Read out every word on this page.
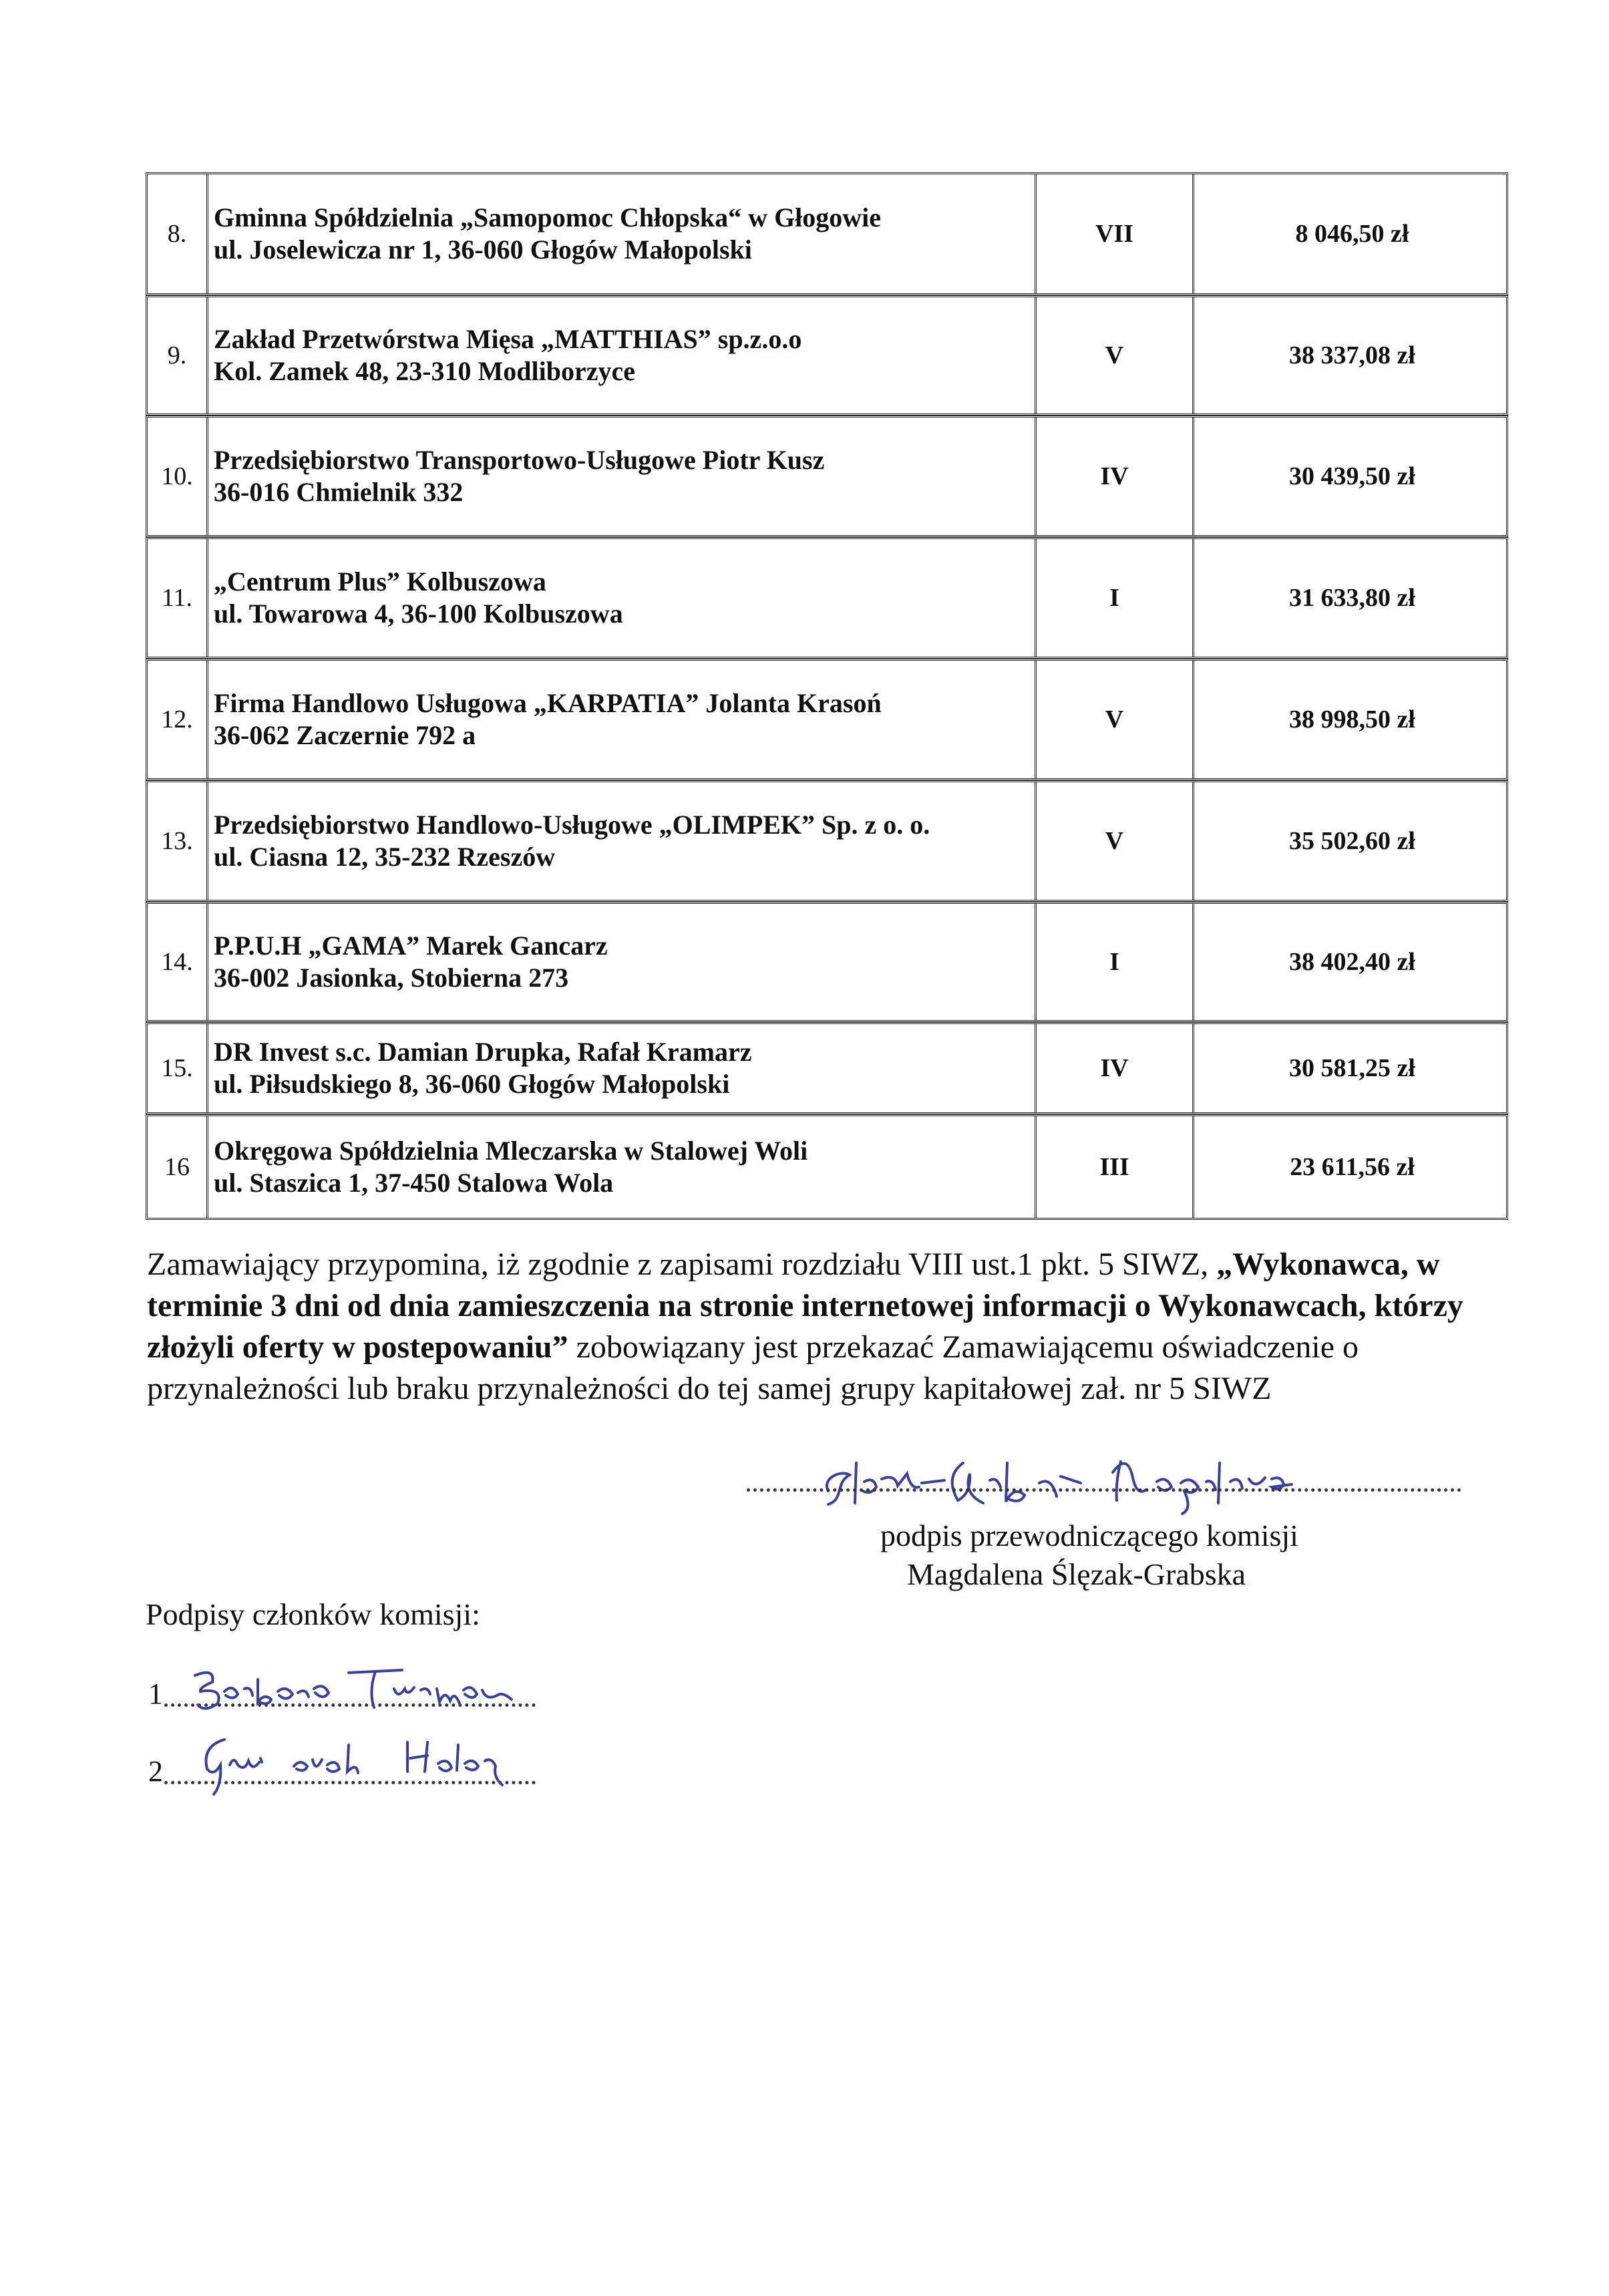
8.
Gminna Spółdzielnia „Samopomoc Chłopska“ w Głogowie
ul. Joselewicza nr 1, 36-060 Głogów Małopolski
VII	8 046,50 zł
9.
Zakład Przetwórstwa Mięsa „MATTHIAS” sp.z.o.o
Kol. Zamek 48, 23-310 Modliborzyce
V	38 337,08 zł
10.
Przedsiębiorstwo Transportowo-Usługowe Piotr Kusz
36-016 Chmielnik 332
IV	30 439,50 zł
11.
„Centrum Plus” Kolbuszowa
ul. Towarowa 4, 36-100 Kolbuszowa
I	31 633,80 zł
12.
Firma Handlowo Usługowa „KARPATIA” Jolanta Krasoń
36-062 Zaczernie 792 a
V	38 998,50 zł
13.
Przedsiębiorstwo Handlowo-Usługowe „OLIMPEK” Sp. z o. o.
ul. Ciasna 12, 35-232 Rzeszów
V	35 502,60 zł
14.
P.P.U.H „GAMA” Marek Gancarz
36-002 Jasionka, Stobierna 273
I	38 402,40 zł
15.
DR Invest s.c. Damian Drupka, Rafał Kramarz
ul. Piłsudskiego 8, 36-060 Głogów Małopolski
IV	30 581,25 zł
16
Okręgowa Spółdzielnia Mleczarska w Stalowej Woli
ul. Staszica 1, 37-450 Stalowa Wola
III	23 611,56 zł
Zamawiający przypomina, iż zgodnie z zapisami rozdziału VIII ust.1 pkt. 5 SIWZ, „Wykonawca, w terminie 3 dni od dnia zamieszczenia na stronie internetowej informacji o Wykonawcach, którzy złożyli oferty w postepowaniu” zobowiązany jest przekazać Zamawiającemu oświadczenie o przynależności lub braku przynależności do tej samej grupy kapitałowej zał. nr 5 SIWZ
podpis przewodniczącego komisji
Magdalena Ślęzak-Grabska
Podpisy członków komisji:
1
2
